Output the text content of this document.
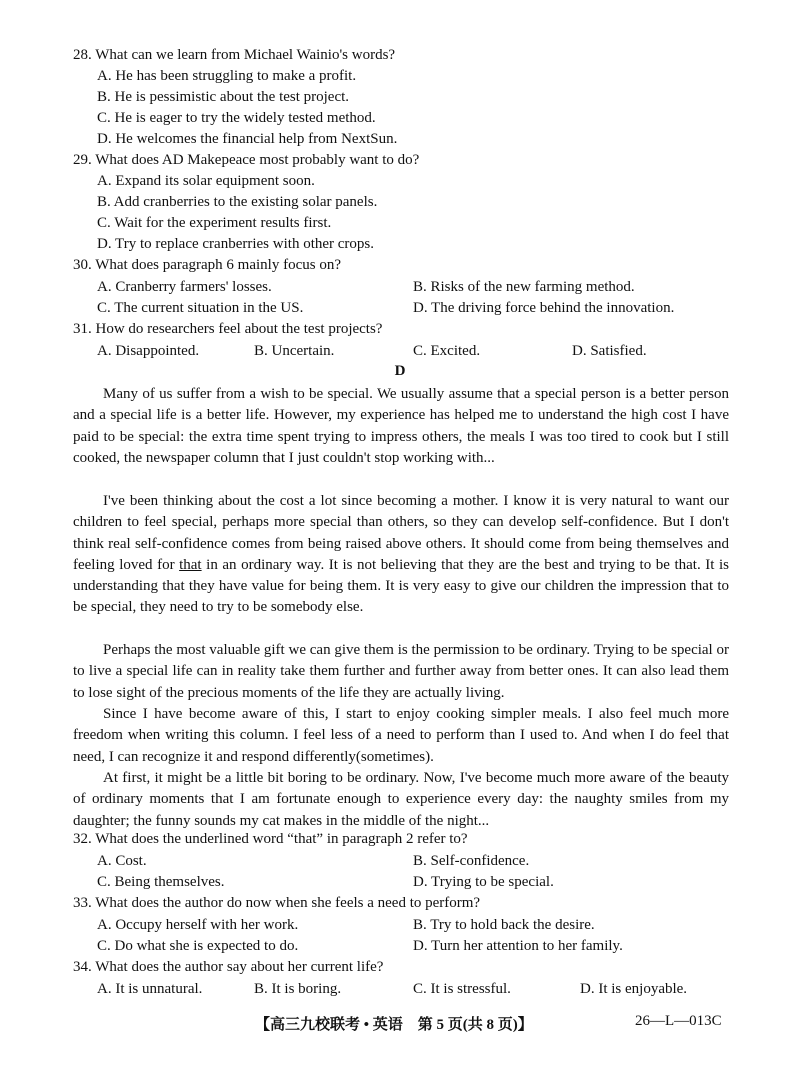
28. What can we learn from Michael Wainio's words?
A. He has been struggling to make a profit.
B. He is pessimistic about the test project.
C. He is eager to try the widely tested method.
D. He welcomes the financial help from NextSun.
29. What does AD Makepeace most probably want to do?
A. Expand its solar equipment soon.
B. Add cranberries to the existing solar panels.
C. Wait for the experiment results first.
D. Try to replace cranberries with other crops.
30. What does paragraph 6 mainly focus on?
A. Cranberry farmers' losses.	B. Risks of the new farming method.
C. The current situation in the US.	D. The driving force behind the innovation.
31. How do researchers feel about the test projects?
A. Disappointed.	B. Uncertain.	C. Excited.	D. Satisfied.
D
Many of us suffer from a wish to be special. We usually assume that a special person is a better person and a special life is a better life. However, my experience has helped me to understand the high cost I have paid to be special: the extra time spent trying to impress others, the meals I was too tired to cook but I still cooked, the newspaper column that I just couldn't stop working with...
I've been thinking about the cost a lot since becoming a mother. I know it is very natural to want our children to feel special, perhaps more special than others, so they can develop self-confidence. But I don't think real self-confidence comes from being raised above others. It should come from being themselves and feeling loved for that in an ordinary way. It is not believing that they are the best and trying to be that. It is understanding that they have value for being them. It is very easy to give our children the impression that to be special, they need to try to be somebody else.
Perhaps the most valuable gift we can give them is the permission to be ordinary. Trying to be special or to live a special life can in reality take them further and further away from better ones. It can also lead them to lose sight of the precious moments of the life they are actually living.
Since I have become aware of this, I start to enjoy cooking simpler meals. I also feel much more freedom when writing this column. I feel less of a need to perform than I used to. And when I do feel that need, I can recognize it and respond differently(sometimes).
At first, it might be a little bit boring to be ordinary. Now, I've become much more aware of the beauty of ordinary moments that I am fortunate enough to experience every day: the naughty smiles from my daughter; the funny sounds my cat makes in the middle of the night...
32. What does the underlined word “that” in paragraph 2 refer to?
A. Cost.	B. Self-confidence.
C. Being themselves.	D. Trying to be special.
33. What does the author do now when she feels a need to perform?
A. Occupy herself with her work.	B. Try to hold back the desire.
C. Do what she is expected to do.	D. Turn her attention to her family.
34. What does the author say about her current life?
A. It is unnatural.	B. It is boring.	C. It is stressful.	D. It is enjoyable.
【高三九校联考 • 英语　第 5 页(共 8 页)】	26—L—013C
